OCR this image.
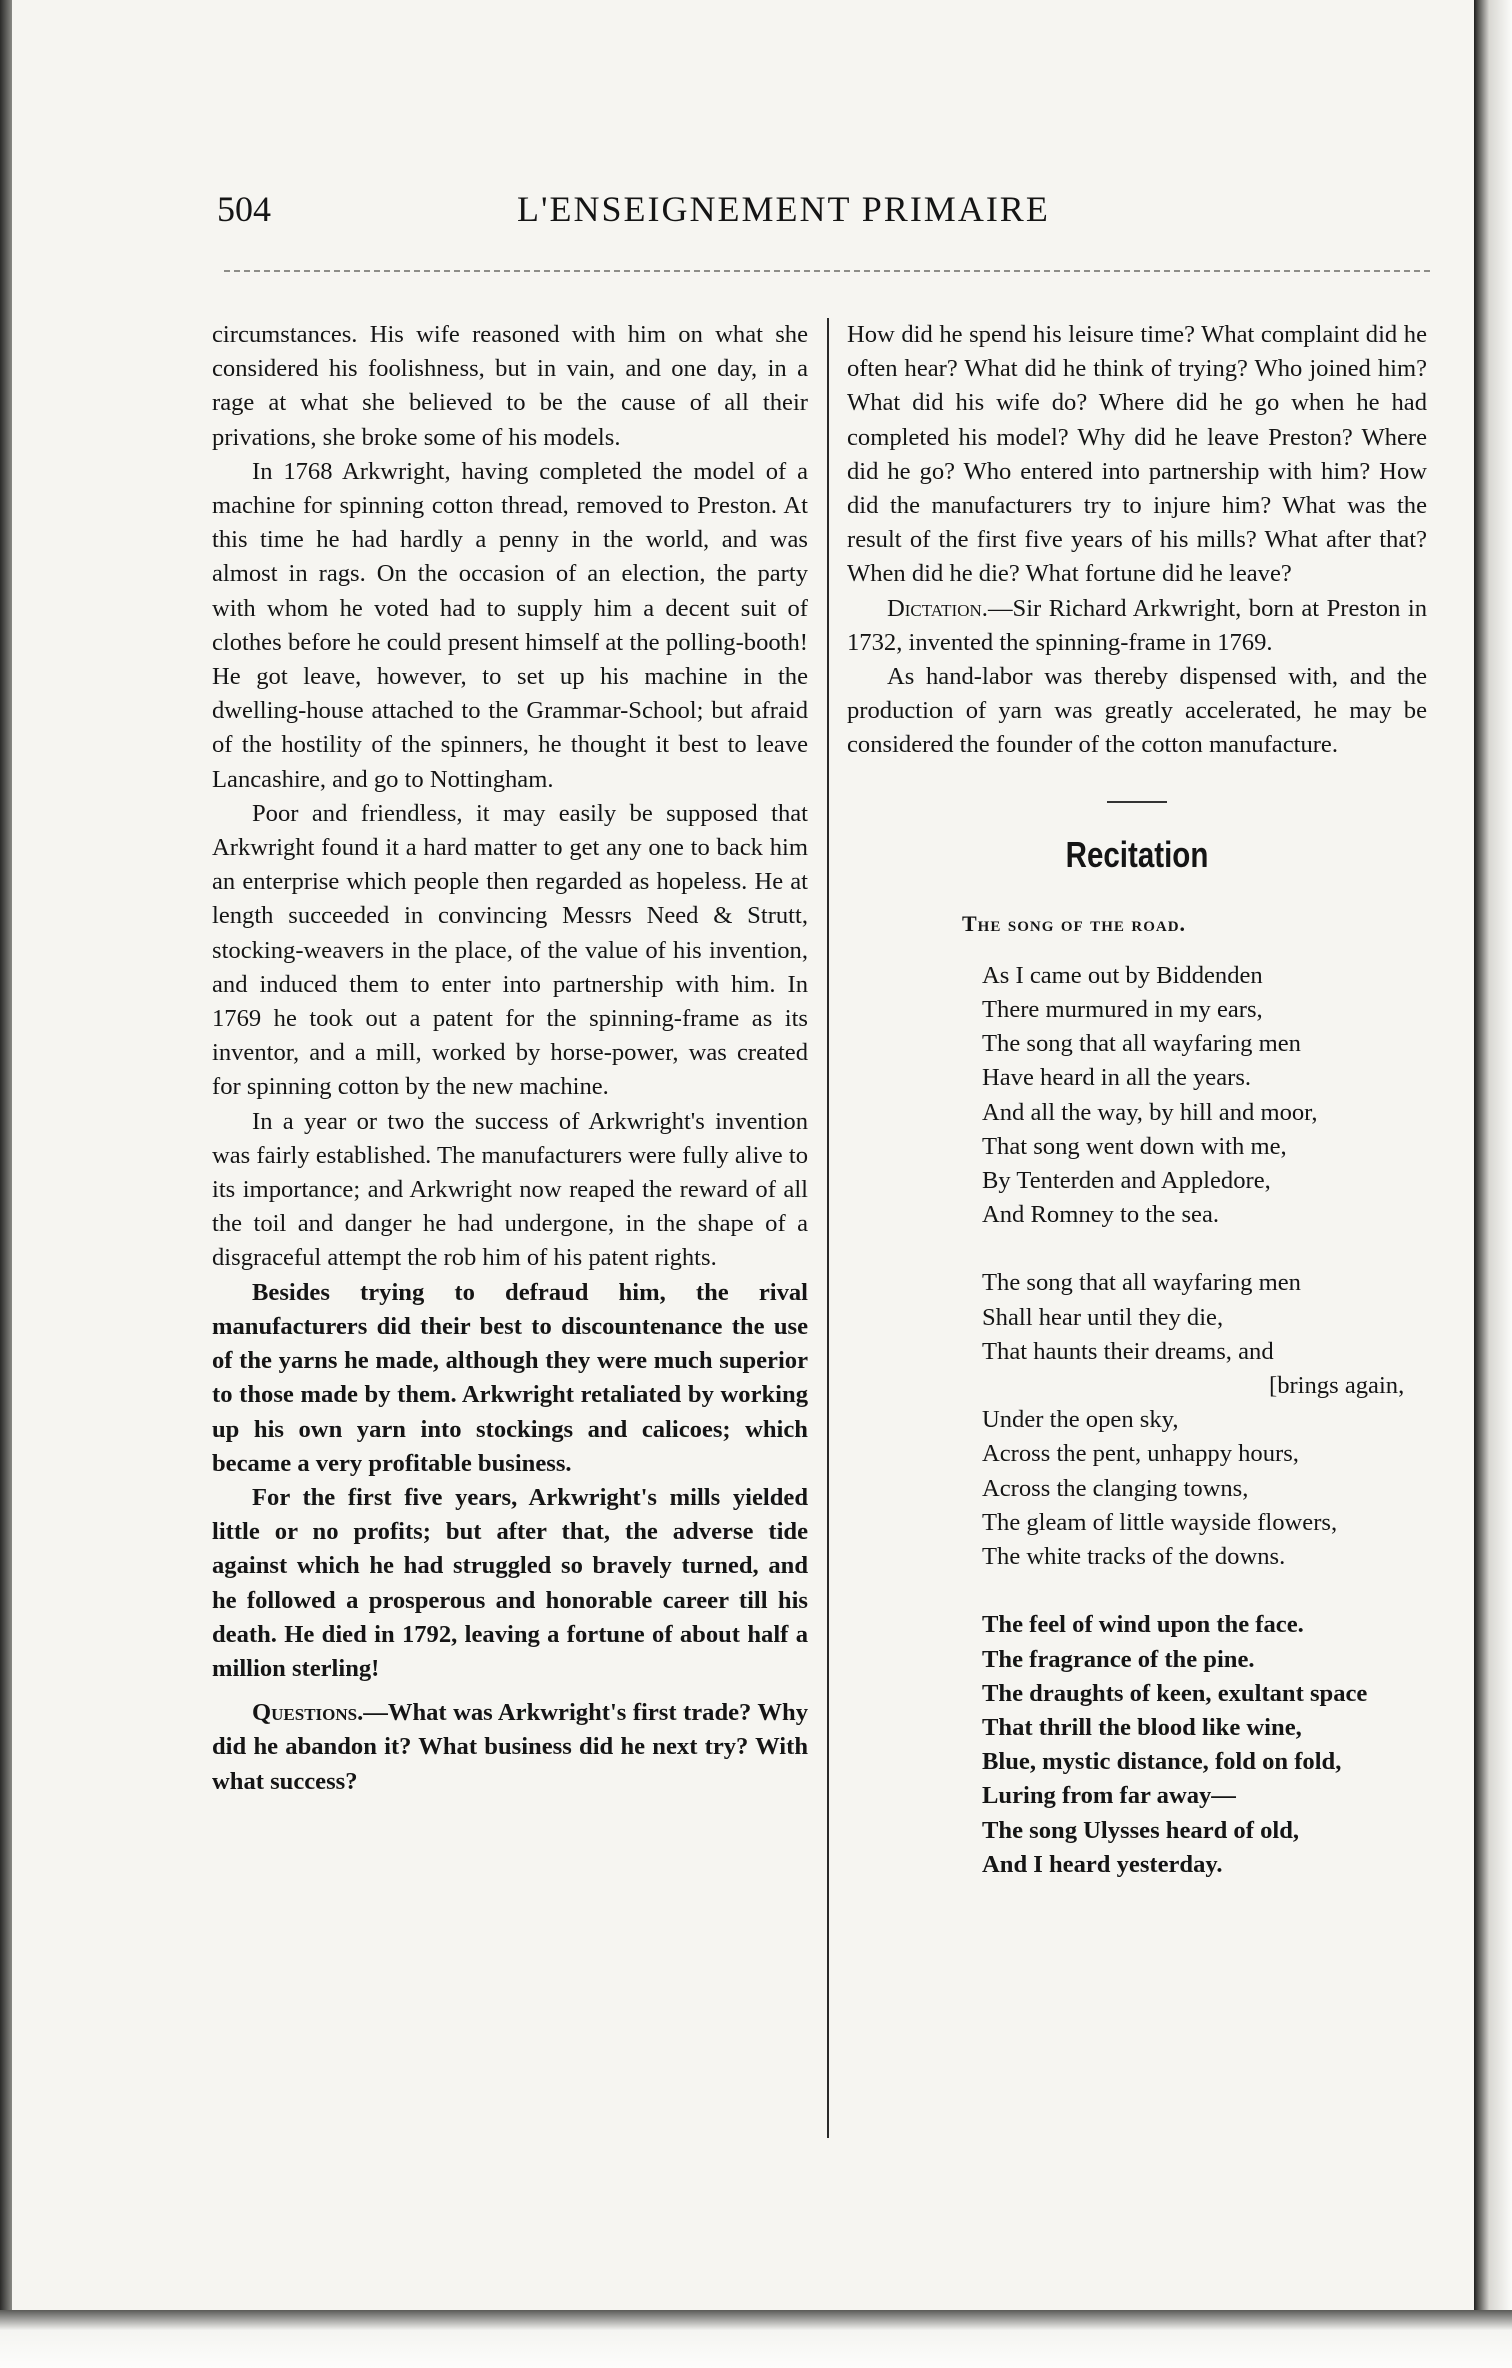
504	L'ENSEIGNEMENT PRIMAIRE

circumstances. His wife reasoned with him on what she considered his foolishness, but in vain, and one day, in a rage at what she believed to be the cause of all their privations, she broke some of his models.

In 1768 Arkwright, having completed the model of a machine for spinning cotton thread, removed to Preston. At this time he had hardly a penny in the world, and was almost in rags. On the occasion of an election, the party with whom he voted had to supply him a decent suit of clothes before he could present himself at the polling-booth! He got leave, however, to set up his machine in the dwelling-house attached to the Grammar-School; but afraid of the hostility of the spinners, he thought it best to leave Lancashire, and go to Nottingham.

Poor and friendless, it may easily be supposed that Arkwright found it a hard matter to get any one to back him an enterprise which people then regarded as hopeless. He at length succeeded in convincing Messrs Need & Strutt, stocking-weavers in the place, of the value of his invention, and induced them to enter into partnership with him. In 1769 he took out a patent for the spinning-frame as its inventor, and a mill, worked by horse-power, was created for spinning cotton by the new machine.

In a year or two the success of Arkwright's invention was fairly established. The manufacturers were fully alive to its importance; and Arkwright now reaped the reward of all the toil and danger he had undergone, in the shape of a disgraceful attempt the rob him of his patent rights.

Besides trying to defraud him, the rival manufacturers did their best to discountenance the use of the yarns he made, although they were much superior to those made by them. Arkwright retaliated by working up his own yarn into stockings and calicoes; which became a very profitable business.

For the first five years, Arkwright's mills yielded little or no profits; but after that, the adverse tide against which he had struggled so bravely turned, and he followed a prosperous and honorable career till his death. He died in 1792, leaving a fortune of about half a million sterling!

Questions.—What was Arkwright's first trade? Why did he abandon it? What business did he next try? With what success?

How did he spend his leisure time? What complaint did he often hear? What did he think of trying? Who joined him? What did his wife do? Where did he go when he had completed his model? Why did he leave Preston? Where did he go? Who entered into partnership with him? How did the manufacturers try to injure him? What was the result of the first five years of his mills? What after that? When did he die? What fortune did he leave?

Dictation.—Sir Richard Arkwright, born at Preston in 1732, invented the spinning-frame in 1769.

As hand-labor was thereby dispensed with, and the production of yarn was greatly accelerated, he may be considered the founder of the cotton manufacture.

Recitation
The song of the road.
As I came out by Biddenden
There murmured in my ears,
The song that all wayfaring men
Have heard in all the years.
And all the way, by hill and moor,
That song went down with me,
By Tenterden and Appledore,
And Romney to the sea.
The song that all wayfaring men
Shall hear until they die,
That haunts their dreams, and
[brings again,
Under the open sky,
Across the pent, unhappy hours,
Across the clanging towns,
The gleam of little wayside flowers,
The white tracks of the downs.
The feel of wind upon the face.
The fragrance of the pine.
The draughts of keen, exultant space
That thrill the blood like wine,
Blue, mystic distance, fold on fold,
Luring from far away—
The song Ulysses heard of old,
And I heard yesterday.
